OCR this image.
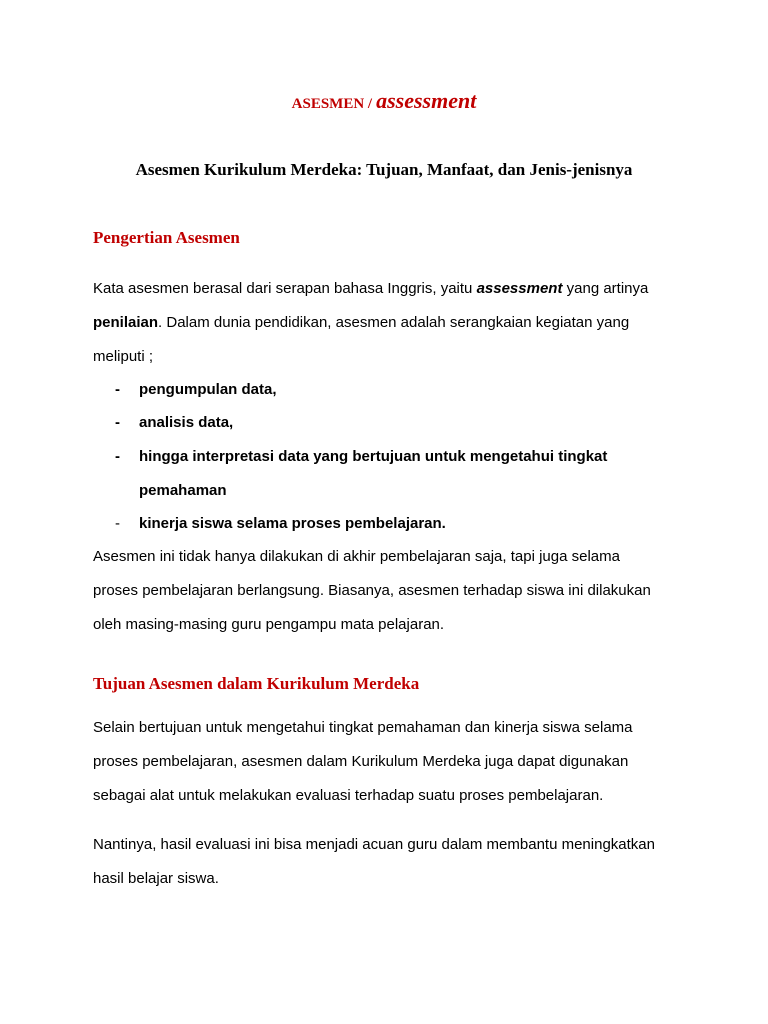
ASESMEN / assessment
Asesmen Kurikulum Merdeka: Tujuan, Manfaat, dan Jenis-jenisnya
Pengertian Asesmen
Kata asesmen berasal dari serapan bahasa Inggris, yaitu assessment yang artinya
penilaian. Dalam dunia pendidikan, asesmen adalah serangkaian kegiatan yang
meliputi ;
- pengumpulan data,
- analisis data,
- hingga interpretasi data yang bertujuan untuk mengetahui tingkat
pemahaman
- kinerja siswa selama proses pembelajaran.
Asesmen ini tidak hanya dilakukan di akhir pembelajaran saja, tapi juga selama
proses pembelajaran berlangsung. Biasanya, asesmen terhadap siswa ini dilakukan
oleh masing-masing guru pengampu mata pelajaran.
Tujuan Asesmen dalam Kurikulum Merdeka
Selain bertujuan untuk mengetahui tingkat pemahaman dan kinerja siswa selama
proses pembelajaran, asesmen dalam Kurikulum Merdeka juga dapat digunakan
sebagai alat untuk melakukan evaluasi terhadap suatu proses pembelajaran.
Nantinya, hasil evaluasi ini bisa menjadi acuan guru dalam membantu meningkatkan
hasil belajar siswa.
